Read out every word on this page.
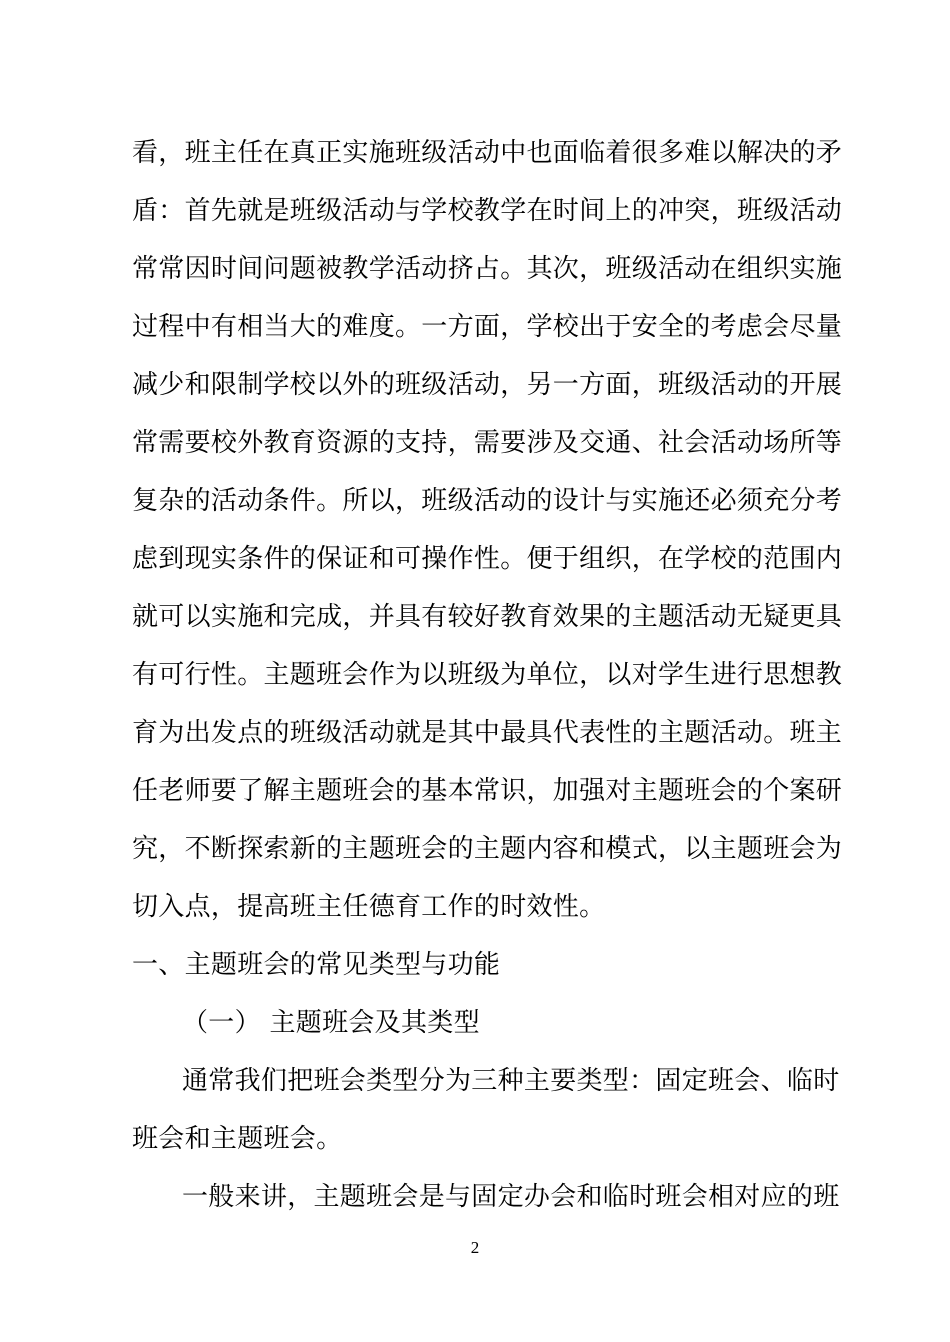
看，班主任在真正实施班级活动中也面临着很多难以解决的矛
盾：首先就是班级活动与学校教学在时间上的冲突，班级活动
常常因时间问题被教学活动挤占。其次，班级活动在组织实施
过程中有相当大的难度。一方面，学校出于安全的考虑会尽量
减少和限制学校以外的班级活动，另一方面，班级活动的开展
常需要校外教育资源的支持，需要涉及交通、社会活动场所等
复杂的活动条件。所以，班级活动的设计与实施还必须充分考
虑到现实条件的保证和可操作性。便于组织，在学校的范围内
就可以实施和完成，并具有较好教育效果的主题活动无疑更具
有可行性。主题班会作为以班级为单位，以对学生进行思想教
育为出发点的班级活动就是其中最具代表性的主题活动。班主
任老师要了解主题班会的基本常识，加强对主题班会的个案研
究，不断探索新的主题班会的主题内容和模式，以主题班会为
切入点，提高班主任德育工作的时效性。
一、主题班会的常见类型与功能
（一） 主题班会及其类型
通常我们把班会类型分为三种主要类型：固定班会、临时
班会和主题班会。
一般来讲，主题班会是与固定办会和临时班会相对应的班
2
